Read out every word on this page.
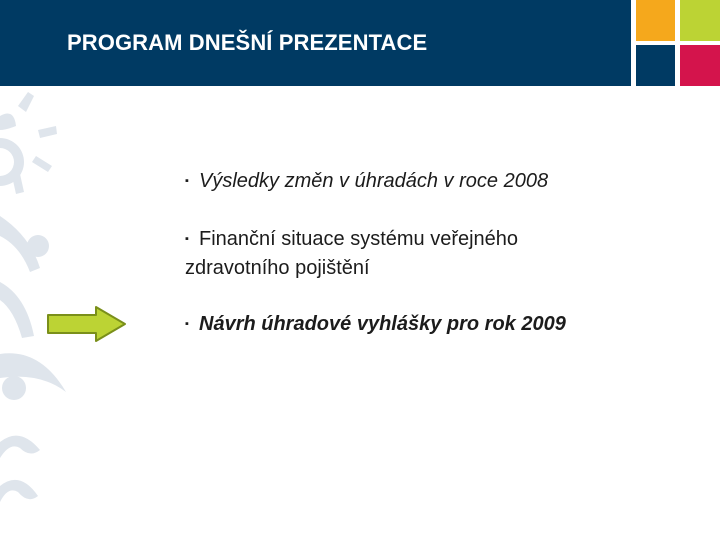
PROGRAM DNEŠNÍ PREZENTACE
▪ Výsledky změn v úhradách v roce 2008
▪ Finanční situace systému veřejného zdravotního pojištění
▪ Návrh úhradové vyhlášky pro rok 2009
